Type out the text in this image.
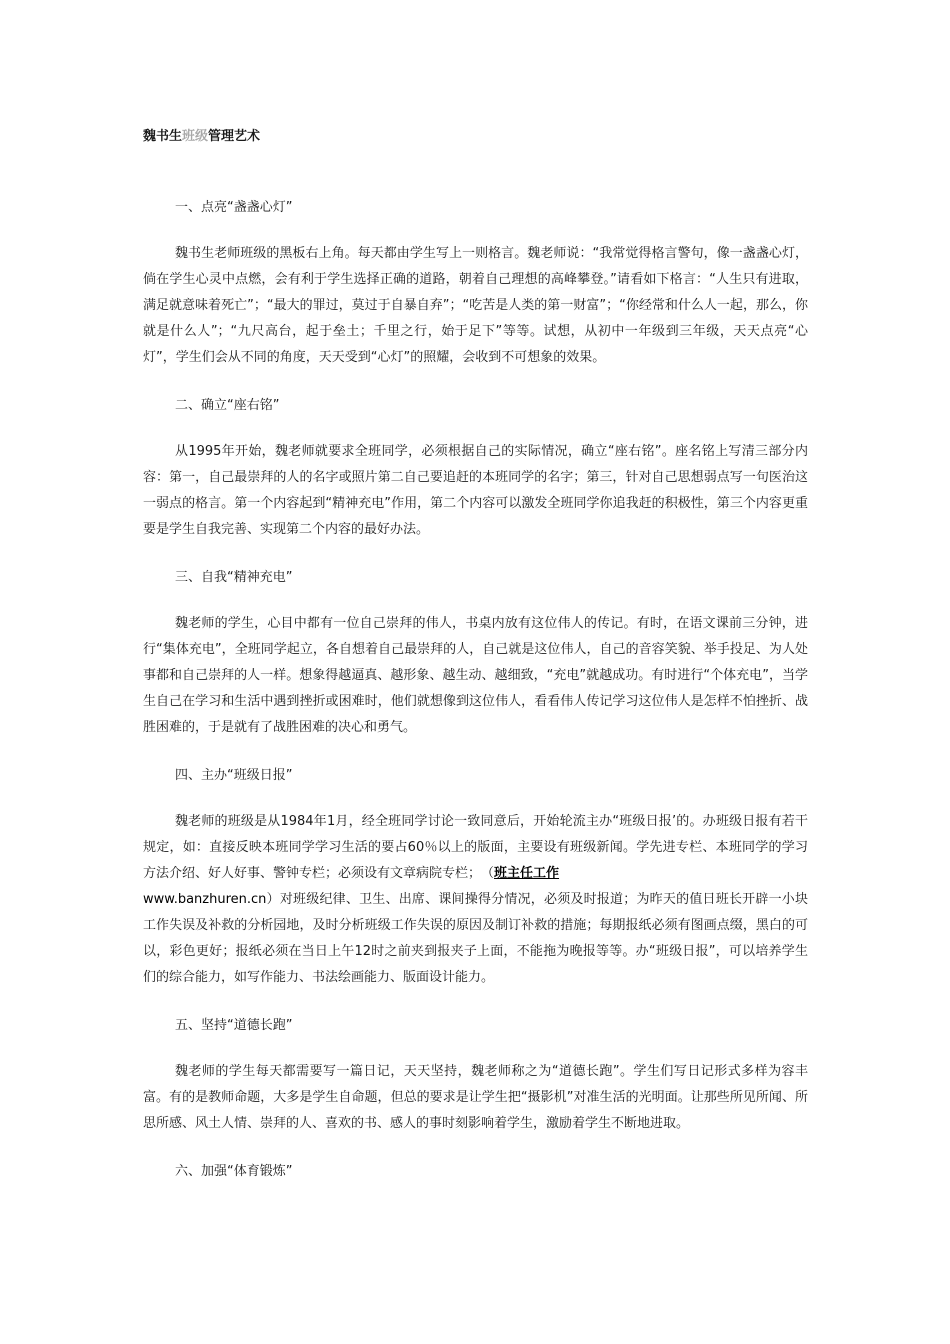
魏书生班级管理艺术

一、点亮“盏盏心灯”

魏书生老师班级的黑板右上角。每天都由学生写上一则格言。魏老师说：“我常觉得格言警句，像一盏盏心灯，倘在学生心灵中点燃，会有利于学生选择正确的道路，朝着自己理想的高峰攀登。”请看如下格言：“人生只有进取，满足就意味着死亡”；“最大的罪过，莫过于自暴自弃”；“吃苦是人类的第一财富”；“你经常和什么人一起，那么，你就是什么人”；“九尺高台，起于垒土；千里之行，始于足下”等等。试想，从初中一年级到三年级，天天点亮“心灯”，学生们会从不同的角度，天天受到“心灯”的照耀，会收到不可想象的效果。

二、确立“座右铭”

从1995年开始，魏老师就要求全班同学，必须根据自己的实际情况，确立“座右铭”。座名铭上写清三部分内容：第一，自己最崇拜的人的名字或照片第二自己要追赶的本班同学的名字；第三，针对自己思想弱点写一句医治这一弱点的格言。第一个内容起到“精神充电”作用，第二个内容可以激发全班同学你追我赶的积极性，第三个内容更重要是学生自我完善、实现第二个内容的最好办法。

三、自我“精神充电”

魏老师的学生，心目中都有一位自己崇拜的伟人，书桌内放有这位伟人的传记。有时，在语文课前三分钟，进行“集体充电”，全班同学起立，各自想着自己最崇拜的人，自己就是这位伟人，自己的音容笑貌、举手投足、为人处事都和自己崇拜的人一样。想象得越逼真、越形象、越生动、越细致，“充电”就越成功。有时进行“个体充电”，当学生自己在学习和生活中遇到挫折或困难时，他们就想像到这位伟人，看看伟人传记学习这位伟人是怎样不怕挫折、战胜困难的，于是就有了战胜困难的决心和勇气。

四、主办“班级日报”

魏老师的班级是从1984年1月，经全班同学讨论一致同意后，开始轮流主办“班级日报’的。办班级日报有若干规定，如：直接反映本班同学学习生活的要占60％以上的版面，主要设有班级新闻。学先进专栏、本班同学的学习方法介绍、好人好事、警钟专栏；必须设有文章病院专栏；　（班主任工作
www.banzhuren.cn）对班级纪律、卫生、出席、课间操得分情况，必须及时报道；为昨天的值日班长开辟一小块工作失误及补救的分析园地，及时分析班级工作失误的原因及制订补救的措施；每期报纸必须有图画点缀，黑白的可以，彩色更好；报纸必须在当日上午12时之前夹到报夹子上面，不能拖为晚报等等。办“班级日报”，可以培养学生们的综合能力，如写作能力、书法绘画能力、版面设计能力。

五、坚持“道德长跑”

魏老师的学生每天都需要写一篇日记，天天坚持，魏老师称之为“道德长跑”。学生们写日记形式多样为容丰富。有的是教师命题，大多是学生自命题，但总的要求是让学生把“摄影机”对准生活的光明面。让那些所见所闻、所思所感、风土人情、崇拜的人、喜欢的书、感人的事时刻影响着学生，激励着学生不断地进取。

六、加强“体育锻炼”
